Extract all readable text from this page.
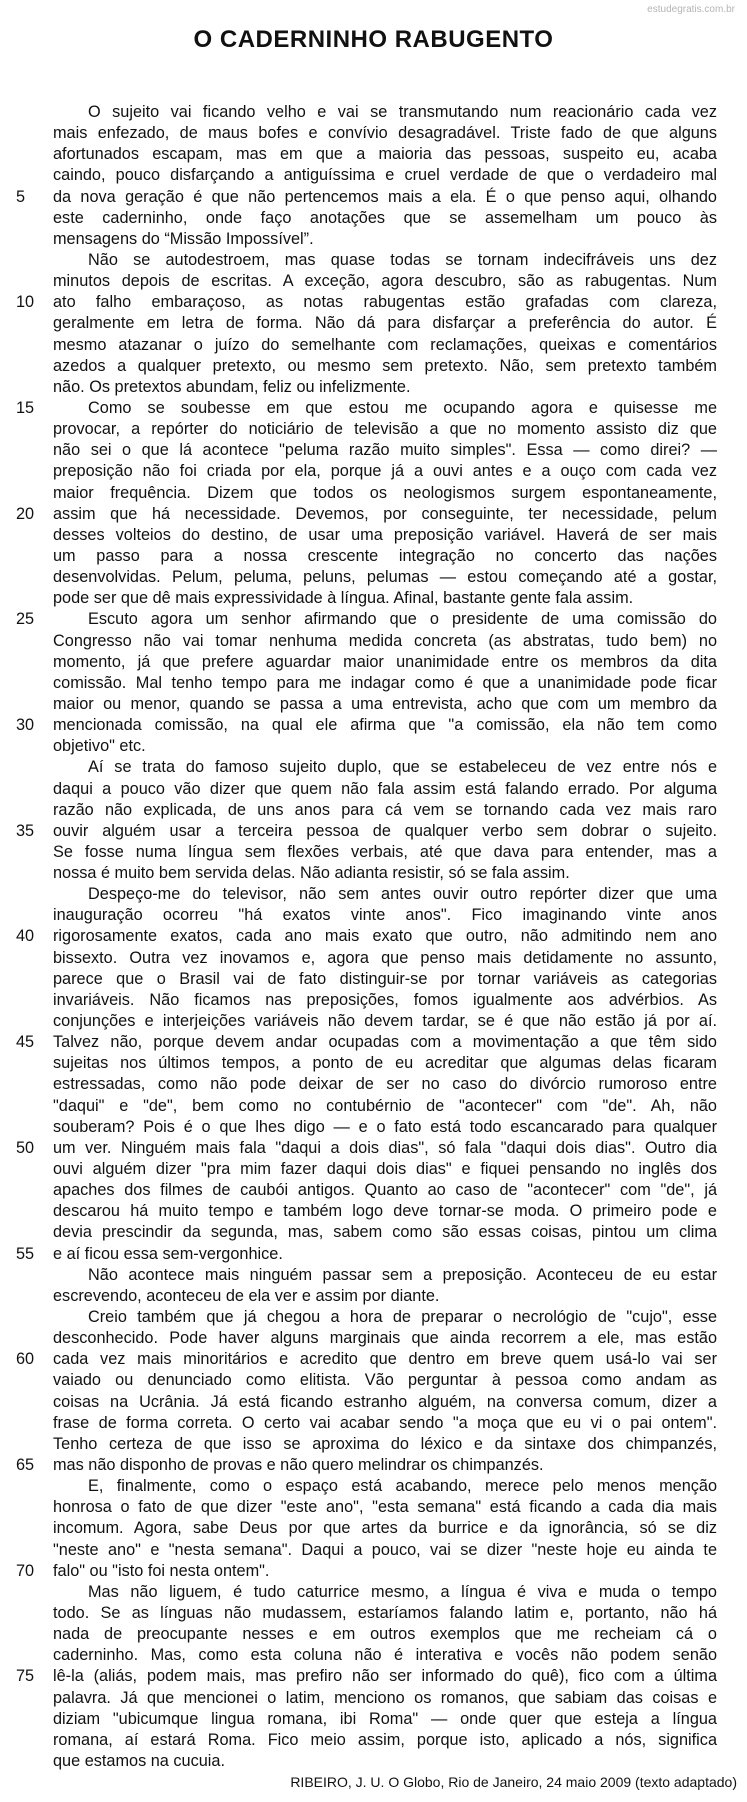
estudegratis.com.br
O CADERNINHO RABUGENTO
O sujeito vai ficando velho e vai se transmutando num reacionário cada vez
mais enfezado, de maus bofes e convívio desagradável. Triste fado de que alguns
afortunados escapam, mas em que a maioria das pessoas, suspeito eu, acaba
caindo, pouco disfarçando a antiguíssima e cruel verdade de que o verdadeiro mal
5	da nova geração é que não pertencemos mais a ela. É o que penso aqui, olhando
este caderninho, onde faço anotações que se assemelham um pouco às
mensagens do “Missão Impossível”.
Não se autodestroem, mas quase todas se tornam indecifráveis uns dez
minutos depois de escritas. A exceção, agora descubro, são as rabugentas. Num
10	ato falho embaraçoso, as notas rabugentas estão grafadas com clareza,
geralmente em letra de forma. Não dá para disfarçar a preferência do autor. É
mesmo atazanar o juízo do semelhante com reclamações, queixas e comentários
azedos a qualquer pretexto, ou mesmo sem pretexto. Não, sem pretexto também
não. Os pretextos abundam, feliz ou infelizmente.
15	Como se soubesse em que estou me ocupando agora e quisesse me
provocar, a repórter do noticiário de televisão a que no momento assisto diz que
não sei o que lá acontece "peluma razão muito simples". Essa — como direi? —
preposição não foi criada por ela, porque já a ouvi antes e a ouço com cada vez
maior frequência. Dizem que todos os neologismos surgem espontaneamente,
20	assim que há necessidade. Devemos, por conseguinte, ter necessidade, pelum
desses volteios do destino, de usar uma preposição variável. Haverá de ser mais
um passo para a nossa crescente integração no concerto das nações
desenvolvidas. Pelum, peluma, peluns, pelumas — estou começando até a gostar,
pode ser que dê mais expressividade à língua. Afinal, bastante gente fala assim.
25	Escuto agora um senhor afirmando que o presidente de uma comissão do
Congresso não vai tomar nenhuma medida concreta (as abstratas, tudo bem) no
momento, já que prefere aguardar maior unanimidade entre os membros da dita
comissão. Mal tenho tempo para me indagar como é que a unanimidade pode ficar
maior ou menor, quando se passa a uma entrevista, acho que com um membro da
30	mencionada comissão, na qual ele afirma que "a comissão, ela não tem como
objetivo" etc.
Aí se trata do famoso sujeito duplo, que se estabeleceu de vez entre nós e
daqui a pouco vão dizer que quem não fala assim está falando errado. Por alguma
razão não explicada, de uns anos para cá vem se tornando cada vez mais raro
35	ouvir alguém usar a terceira pessoa de qualquer verbo sem dobrar o sujeito.
Se fosse numa língua sem flexões verbais, até que dava para entender, mas a
nossa é muito bem servida delas. Não adianta resistir, só se fala assim.
Despeço-me do televisor, não sem antes ouvir outro repórter dizer que uma
inauguração ocorreu "há exatos vinte anos". Fico imaginando vinte anos
40	rigorosamente exatos, cada ano mais exato que outro, não admitindo nem ano
bissexto. Outra vez inovamos e, agora que penso mais detidamente no assunto,
parece que o Brasil vai de fato distinguir-se por tornar variáveis as categorias
invariáveis. Não ficamos nas preposições, fomos igualmente aos advérbios. As
conjunções e interjeições variáveis não devem tardar, se é que não estão já por aí.
45	Talvez não, porque devem andar ocupadas com a movimentação a que têm sido
sujeitas nos últimos tempos, a ponto de eu acreditar que algumas delas ficaram
estressadas, como não pode deixar de ser no caso do divórcio rumoroso entre
"daqui" e "de", bem como no contubérnio de "acontecer" com "de". Ah, não
souberam? Pois é o que lhes digo — e o fato está todo escancarado para qualquer
50	um ver. Ninguém mais fala "daqui a dois dias", só fala "daqui dois dias". Outro dia
ouvi alguém dizer "pra mim fazer daqui dois dias" e fiquei pensando no inglês dos
apaches dos filmes de caubói antigos. Quanto ao caso de "acontecer" com "de", já
descarou há muito tempo e também logo deve tornar-se moda. O primeiro pode e
devia prescindir da segunda, mas, sabem como são essas coisas, pintou um clima
55	e aí ficou essa sem-vergonhice.
Não acontece mais ninguém passar sem a preposição. Aconteceu de eu estar
escrevendo, aconteceu de ela ver e assim por diante.
Creio também que já chegou a hora de preparar o necrológio de "cujo", esse
desconhecido. Pode haver alguns marginais que ainda recorrem a ele, mas estão
60	cada vez mais minoritários e acredito que dentro em breve quem usá-lo vai ser
vaiado ou denunciado como elitista. Vão perguntar à pessoa como andam as
coisas na Ucrânia. Já está ficando estranho alguém, na conversa comum, dizer a
frase de forma correta. O certo vai acabar sendo "a moça que eu vi o pai ontem".
Tenho certeza de que isso se aproxima do léxico e da sintaxe dos chimpanzés,
65	mas não disponho de provas e não quero melindrar os chimpanzés.
E, finalmente, como o espaço está acabando, merece pelo menos menção
honrosa o fato de que dizer "este ano", "esta semana" está ficando a cada dia mais
incomum. Agora, sabe Deus por que artes da burrice e da ignorância, só se diz
"neste ano" e "nesta semana". Daqui a pouco, vai se dizer "neste hoje eu ainda te
70	falo" ou "isto foi nesta ontem".
Mas não liguem, é tudo caturrice mesmo, a língua é viva e muda o tempo
todo. Se as línguas não mudassem, estaríamos falando latim e, portanto, não há
nada de preocupante nesses e em outros exemplos que me recheiam cá o
caderninho. Mas, como esta coluna não é interativa e vocês não podem senão
75	lê-la (aliás, podem mais, mas prefiro não ser informado do quê), fico com a última
palavra. Já que mencionei o latim, menciono os romanos, que sabiam das coisas e
diziam "ubicumque lingua romana, ibi Roma" — onde quer que esteja a língua
romana, aí estará Roma. Fico meio assim, porque isto, aplicado a nós, significa
que estamos na cucuia.
RIBEIRO, J. U. O Globo, Rio de Janeiro, 24 maio 2009 (texto adaptado)
